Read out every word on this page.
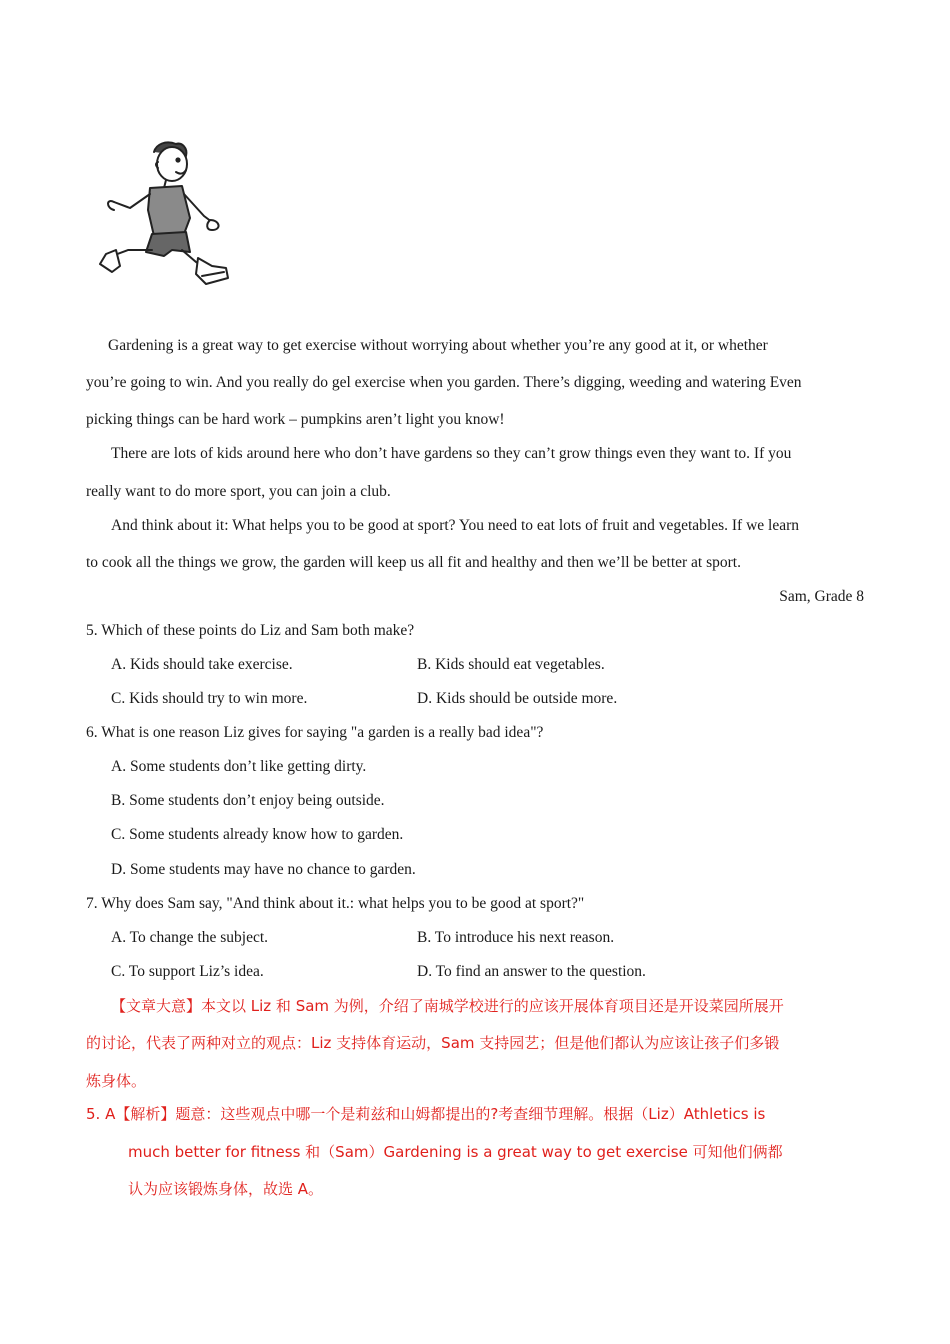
Gardening is a great way to get exercise without worrying about whether you’re any good at it, or whether
you’re going to win. And you really do gel exercise when you garden. There’s digging, weeding and watering Even
picking things can be hard work – pumpkins aren’t light you know!
There are lots of kids around here who don’t have gardens so they can’t grow things even they want to. If you
really want to do more sport, you can join a club.
And think about it: What helps you to be good at sport? You need to eat lots of fruit and vegetables. If we learn
to cook all the things we grow, the garden will keep us all fit and healthy and then we’ll be better at sport.
Sam, Grade 8
5. Which of these points do Liz and Sam both make?
A. Kids should take exercise.	B. Kids should eat vegetables.
C. Kids should try to win more.	D. Kids should be outside more.
6. What is one reason Liz gives for saying "a garden is a really bad idea"?
A. Some students don’t like getting dirty.
B. Some students don’t enjoy being outside.
C. Some students already know how to garden.
D. Some students may have no chance to garden.
7. Why does Sam say, "And think about it.: what helps you to be good at sport?"
A. To change the subject.	B. To introduce his next reason.
C. To support Liz’s idea.	D. To find an answer to the question.
【文章大意】本文以 Liz 和 Sam 为例，介绍了南城学校进行的应该开展体育项目还是开设菜园所展开
的讨论，代表了两种对立的观点：Liz 支持体育运动，Sam 支持园艺；但是他们都认为应该让孩子们多锻
炼身体。
5. A【解析】题意：这些观点中哪一个是莉兹和山姆都提出的?考查细节理解。根据（Liz）Athletics is
much better for fitness 和（Sam）Gardening is a great way to get exercise 可知他们俩都
认为应该锻炼身体，故选 A。
